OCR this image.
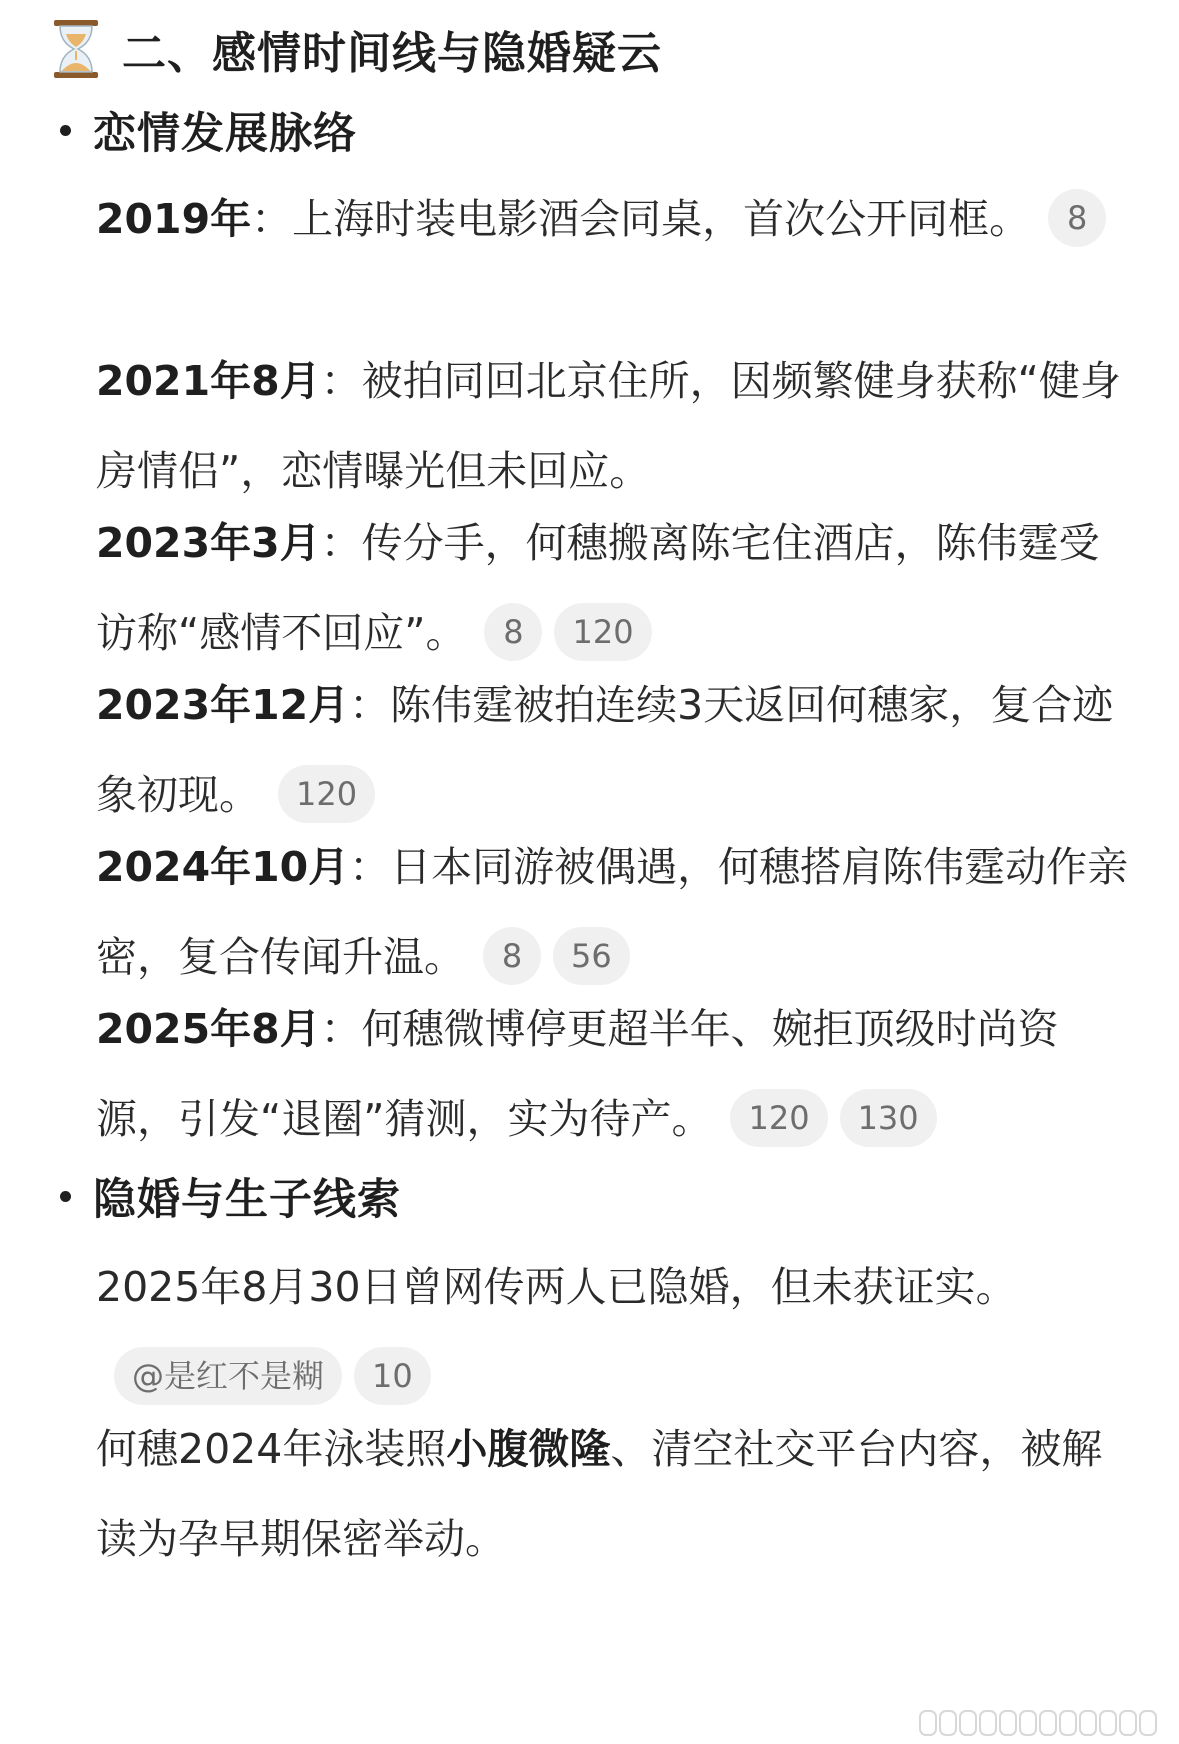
二、感情时间线与隐婚疑云
恋情发展脉络
2019年：上海时装电影酒会同桌，首次公开同框。 8
2021年8月：被拍同回北京住所，因频繁健身获称“健身房情侣”，恋情曝光但未回应。
2023年3月：传分手，何穗搬离陈宅住酒店，陈伟霆受访称“感情不回应”。 8 120
2023年12月：陈伟霆被拍连续3天返回何穗家，复合迹象初现。 120
2024年10月：日本同游被偶遇，何穗搭肩陈伟霆动作亲密，复合传闻升温。 8 56
2025年8月：何穗微博停更超半年、婉拒顶级时尚资源，引发“退圈”猜测，实为待产。 120 130
隐婚与生子线索
2025年8月30日曾网传两人已隐婚，但未获证实。@是红不是糊 10
何穗2024年泳装照小腹微隆、清空社交平台内容，被解读为孕早期保密举动。
